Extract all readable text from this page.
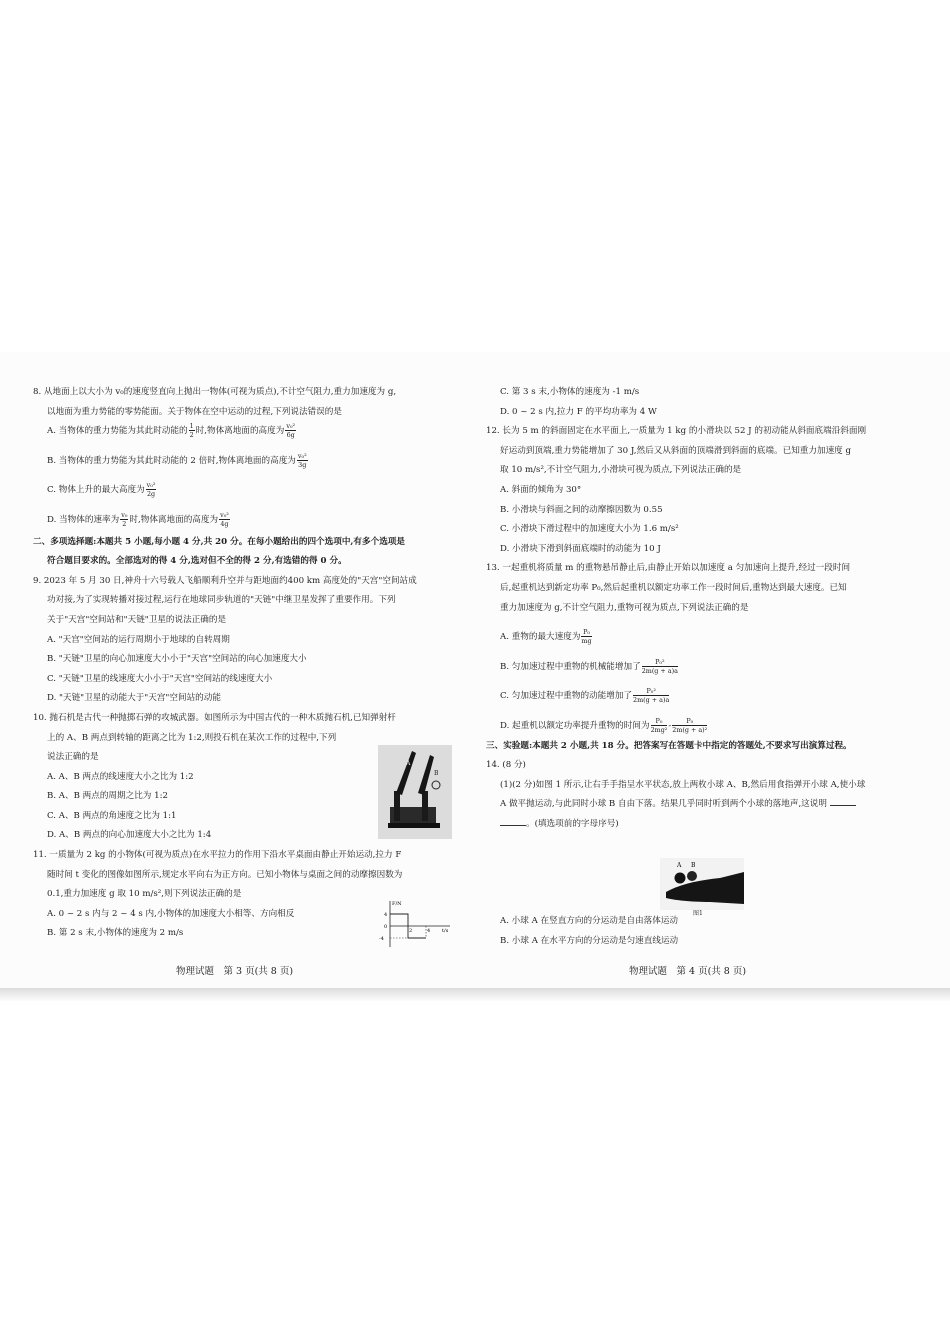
8. 从地面上以大小为 v₀的速度竖直向上抛出一物体(可视为质点),不计空气阻力,重力加速度为 g,
以地面为重力势能的零势能面。关于物体在空中运动的过程,下列说法错误的是
A. 当物体的重力势能为其此时动能的 $\frac{1}{2}$ 时,物体离地面的高度为 $\frac{\text{v₀²}}{6g}$
B. 当物体的重力势能为其此时动能的 2 倍时,物体离地面的高度为 $\frac{\text{v₀²}}{3g}$
C. 物体上升的最大高度为 $\frac{\text{v₀²}}{2g}$
D. 当物体的速率为 $\frac{\text{v₀}}{2}$ 时,物体离地面的高度为 $\frac{\text{v₀²}}{4g}$
二、多项选择题:本题共 5 小题,每小题 4 分,共 20 分。在每小题给出的四个选项中,有多个选项是
符合题目要求的。全部选对的得 4 分,选对但不全的得 2 分,有选错的得 0 分。
9. 2023 年 5 月 30 日,神舟十六号载人飞船顺利升空并与距地面约400 km 高度处的"天宫"空间站成
功对接,为了实现转播对接过程,运行在地球同步轨道的"天链"中继卫星发挥了重要作用。下列
关于"天宫"空间站和"天链"卫星的说法正确的是
A. "天宫"空间站的运行周期小于地球的自转周期
B. "天链"卫星的向心加速度大小小于"天宫"空间站的向心加速度大小
C. "天链"卫星的线速度大小小于"天宫"空间站的线速度大小
D. "天链"卫星的动能大于"天宫"空间站的动能
10. 抛石机是古代一种抛掷石弹的攻城武器。如图所示为中国古代的一种木质抛石机,已知弹射杆
上的 A、B 两点到转轴的距离之比为 1:2,则投石机在某次工作的过程中,下列
说法正确的是
A. A、B 两点的线速度大小之比为 1:2
B. A、B 两点的周期之比为 1:2
C. A、B 两点的角速度之比为 1:1
D. A、B 两点的向心加速度大小之比为 1:4
11. 一质量为 2 kg 的小物体(可视为质点)在水平拉力的作用下沿水平桌面由静止开始运动,拉力 F
随时间 t 变化的图像如图所示,规定水平向右为正方向。已知小物体与桌面之间的动摩擦因数为
0.1,重力加速度 g 取 10 m/s²,则下列说法正确的是
A. 0 ~ 2 s 内与 2 ~ 4 s 内,小物体的加速度大小相等、方向相反
B. 第 2 s 末,小物体的速度为 2 m/s
B
A
F/N
t/s
4
0
-4
2	4
物理试题　第 3 页(共 8 页)
C. 第 3 s 末,小物体的速度为 -1 m/s
D. 0 ~ 2 s 内,拉力 F 的平均功率为 4 W
12. 长为 5 m 的斜面固定在水平面上,一质量为 1 kg 的小滑块以 52 J 的初动能从斜面底端沿斜面刚
好运动到顶端,重力势能增加了 30 J,然后又从斜面的顶端滑到斜面的底端。已知重力加速度 g
取 10 m/s²,不计空气阻力,小滑块可视为质点,下列说法正确的是
A. 斜面的倾角为 30°
B. 小滑块与斜面之间的动摩擦因数为 0.55
C. 小滑块下滑过程中的加速度大小为 1.6 m/s²
D. 小滑块下滑到斜面底端时的动能为 10 J
13. 一起重机将质量 m 的重物悬吊静止后,由静止开始以加速度 a 匀加速向上提升,经过一段时间
后,起重机达到新定功率 P₀,然后起重机以额定功率工作一段时间后,重物达到最大速度。已知
重力加速度为 g,不计空气阻力,重物可视为质点,下列说法正确的是
A. 重物的最大速度为 $\frac{\text{P₀}}{mg}$
B. 匀加速过程中重物的机械能增加了 $\frac{\text{P₀²}}{2m(g + a)a}$
C. 匀加速过程中重物的动能增加了 $\frac{\text{P₀²}}{2m(g + a)a}$
D. 起重机以额定功率提升重物的时间为 $\frac{\text{P₀}}{\text{2mg²}} - \frac{\text{P₀}}{\text{2m(g + a)²}}$
三、实验题:本题共 2 小题,共 18 分。把答案写在答题卡中指定的答题处,不要求写出演算过程。
14. (8 分)
(1)(2 分)如图 1 所示,让右手手指呈水平状态,放上两枚小球 A、B,然后用食指弹开小球 A,使小球
A 做平抛运动,与此同时小球 B 自由下落。结果几乎同时听到两个小球的落地声,这说明
。(填选项前的字母序号)
A. 小球 A 在竖直方向的分运动是自由落体运动
B. 小球 A 在水平方向的分运动是匀速直线运动
A B
图1
物理试题　第 4 页(共 8 页)
